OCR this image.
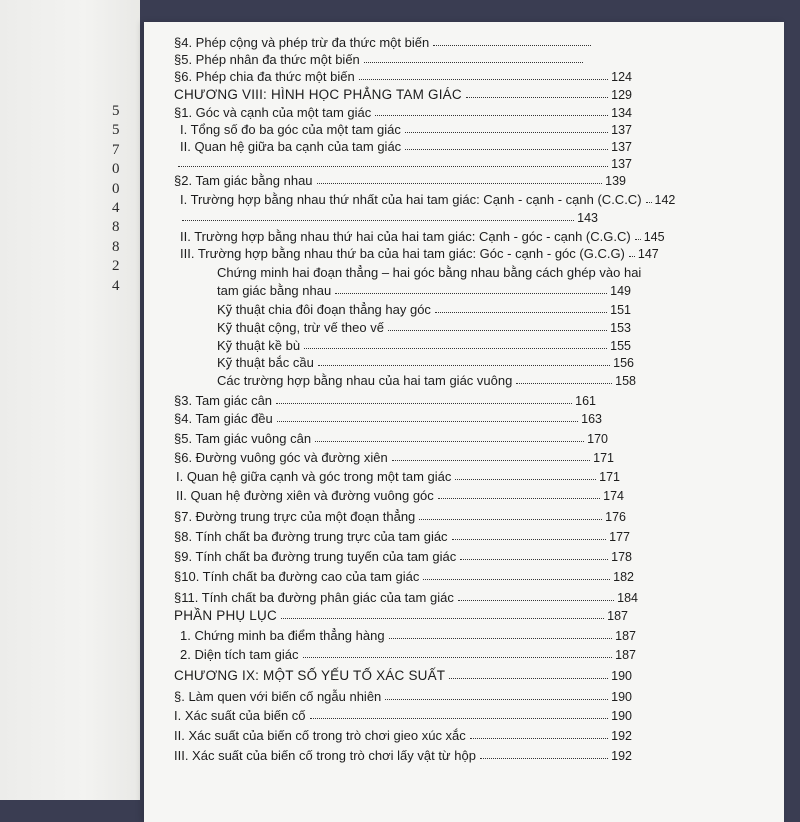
5
5
7
0
0
4
8
8
2
4
§4. Phép cộng và phép trừ đa thức một biến
§5. Phép nhân đa thức một biến
§6. Phép chia đa thức một biến	124
CHƯƠNG VIII: HÌNH HỌC PHẲNG TAM GIÁC	129
§1. Góc và cạnh của một tam giác	134
I. Tổng số đo ba góc của một tam giác	137
II. Quan hệ giữa ba cạnh của tam giác	137
137
§2. Tam giác bằng nhau	139
I. Trường hợp bằng nhau thứ nhất của hai tam giác: Cạnh - cạnh - cạnh (C.C.C) 142
143
II. Trường hợp bằng nhau thứ hai của hai tam giác: Cạnh - góc - cạnh (C.G.C) 145
III. Trường hợp bằng nhau thứ ba của hai tam giác: Góc - cạnh - góc (G.C.G) 147
Chứng minh hai đoạn thẳng – hai góc bằng nhau bằng cách ghép vào hai
tam giác bằng nhau	149
Kỹ thuật chia đôi đoạn thẳng hay góc	151
Kỹ thuật cộng, trừ vế theo vế	153
Kỹ thuật kề bù	155
Kỹ thuật bắc cầu	156
Các trường hợp bằng nhau của hai tam giác vuông	158
§3. Tam giác cân	161
§4. Tam giác đều	163
§5. Tam giác vuông cân	170
§6. Đường vuông góc và đường xiên	171
I. Quan hệ giữa cạnh và góc trong một tam giác	171
II. Quan hệ đường xiên và đường vuông góc	174
§7. Đường trung trực của một đoạn thẳng	176
§8. Tính chất ba đường trung trực của tam giác	177
§9. Tính chất ba đường trung tuyến của tam giác	178
§10. Tính chất ba đường cao của tam giác	182
§11. Tính chất ba đường phân giác của tam giác	184
PHẦN PHỤ LỤC	187
1. Chứng minh ba điểm thẳng hàng	187
2. Diện tích tam giác	187
CHƯƠNG IX: MỘT SỐ YẾU TỐ XÁC SUẤT	190
§. Làm quen với biến cố ngẫu nhiên	190
I. Xác suất của biến cố	190
II. Xác suất của biến cố trong trò chơi gieo xúc xắc	192
III. Xác suất của biến cố trong trò chơi lấy vật từ hộp	192
